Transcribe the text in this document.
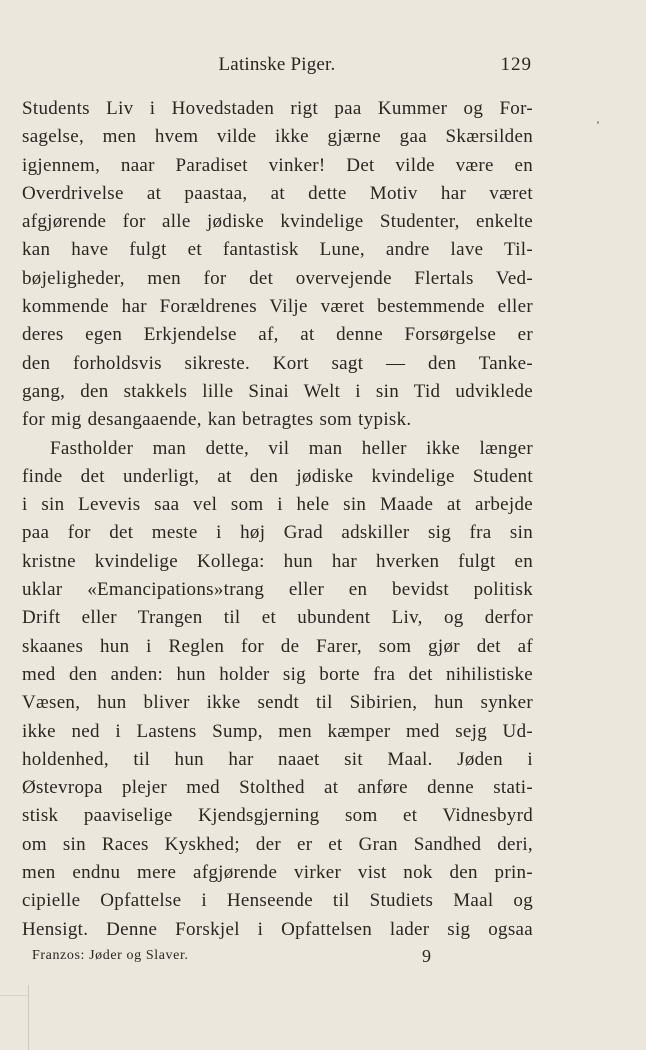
Latinske Piger.	129
Students Liv i Hovedstaden rigt paa Kummer og For-
sagelse, men hvem vilde ikke gjærne gaa Skærsilden
igjennem, naar Paradiset vinker! Det vilde være en
Overdrivelse at paastaa, at dette Motiv har været
afgjørende for alle jødiske kvindelige Studenter, enkelte
kan have fulgt et fantastisk Lune, andre lave Til-
bøjeligheder, men for det overvejende Flertals Ved-
kommende har Forældrenes Vilje været bestemmende eller
deres egen Erkjendelse af, at denne Forsørgelse er
den forholdsvis sikreste. Kort sagt — den Tanke-
gang, den stakkels lille Sinai Welt i sin Tid udviklede
for mig desangaaende, kan betragtes som typisk.
Fastholder man dette, vil man heller ikke længer
finde det underligt, at den jødiske kvindelige Student
i sin Levevis saa vel som i hele sin Maade at arbejde
paa for det meste i høj Grad adskiller sig fra sin
kristne kvindelige Kollega: hun har hverken fulgt en
uklar «Emancipations»trang eller en bevidst politisk
Drift eller Trangen til et ubundent Liv, og derfor
skaanes hun i Reglen for de Farer, som gjør det af
med den anden: hun holder sig borte fra det nihilistiske
Væsen, hun bliver ikke sendt til Sibirien, hun synker
ikke ned i Lastens Sump, men kæmper med sejg Ud-
holdenhed, til hun har naaet sit Maal. Jøden i
Østevropa plejer med Stolthed at anføre denne stati-
stisk paaviselige Kjendsgjerning som et Vidnesbyrd
om sin Races Kyskhed; der er et Gran Sandhed deri,
men endnu mere afgjørende virker vist nok den prin-
cipielle Opfattelse i Henseende til Studiets Maal og
Hensigt. Denne Forskjel i Opfattelsen lader sig ogsaa
Franzos: Jøder og Slaver.	9
